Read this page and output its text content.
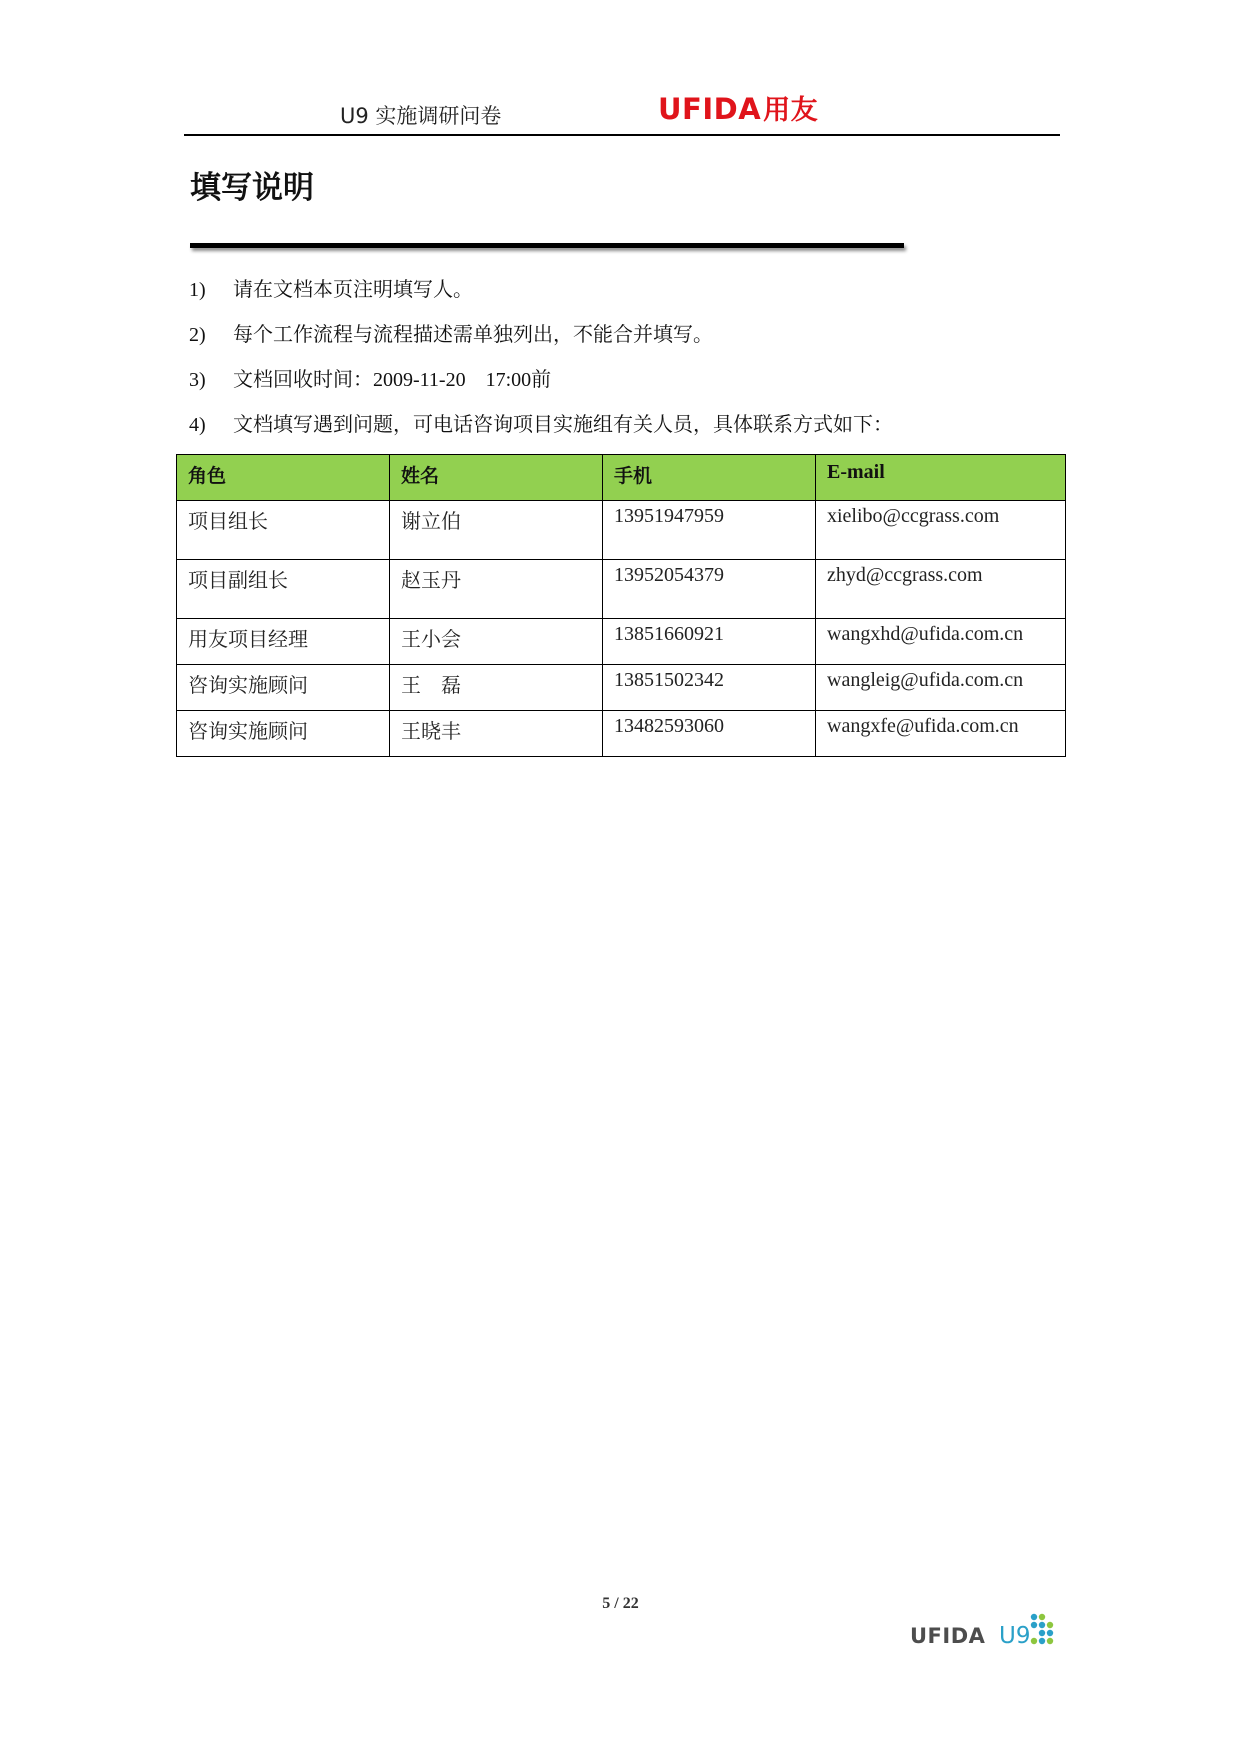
U9 实施调研问卷	UFIDA用友
填写说明
1) 请在文档本页注明填写人。
2) 每个工作流程与流程描述需单独列出，不能合并填写。
3) 文档回收时间：2009-11-20    17:00前
4) 文档填写遇到问题，可电话咨询项目实施组有关人员，具体联系方式如下：
角色	姓名	手机	E-mail
项目组长	谢立伯	13951947959	xielibo@ccgrass.com
项目副组长	赵玉丹	13952054379	zhyd@ccgrass.com
用友项目经理	王小会	13851660921	wangxhd@ufida.com.cn
咨询实施顾问	王　磊	13851502342	wangleig@ufida.com.cn
咨询实施顾问	王晓丰	13482593060	wangxfe@ufida.com.cn
5 / 22
UFIDA U9
